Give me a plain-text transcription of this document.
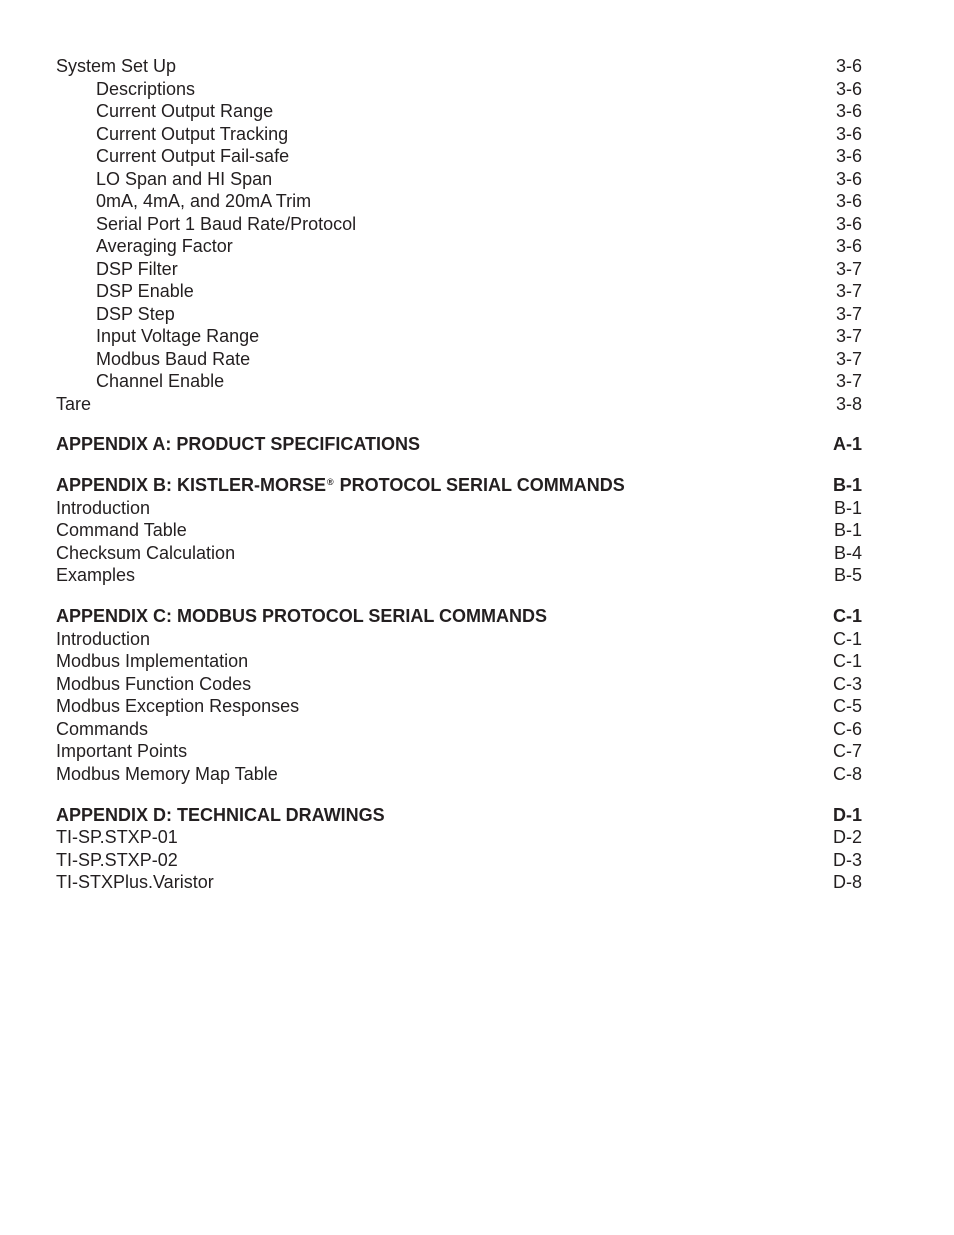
System Set Up	3-6
Descriptions	3-6
Current Output Range	3-6
Current Output Tracking	3-6
Current Output Fail-safe	3-6
LO Span and HI Span	3-6
0mA, 4mA, and 20mA Trim	3-6
Serial Port 1 Baud Rate/Protocol	3-6
Averaging Factor	3-6
DSP Filter	3-7
DSP Enable	3-7
DSP Step	3-7
Input Voltage Range	3-7
Modbus Baud Rate	3-7
Channel Enable	3-7
Tare	3-8
APPENDIX A: PRODUCT SPECIFICATIONS	A-1
APPENDIX B: KISTLER-MORSE® PROTOCOL SERIAL COMMANDS	B-1
Introduction	B-1
Command Table	B-1
Checksum Calculation	B-4
Examples	B-5
APPENDIX C: MODBUS PROTOCOL SERIAL COMMANDS	C-1
Introduction	C-1
Modbus Implementation	C-1
Modbus Function Codes	C-3
Modbus Exception Responses	C-5
Commands	C-6
Important Points	C-7
Modbus Memory Map Table	C-8
APPENDIX D: TECHNICAL DRAWINGS	D-1
TI-SP.STXP-01	D-2
TI-SP.STXP-02	D-3
TI-STXPlus.Varistor	D-8
